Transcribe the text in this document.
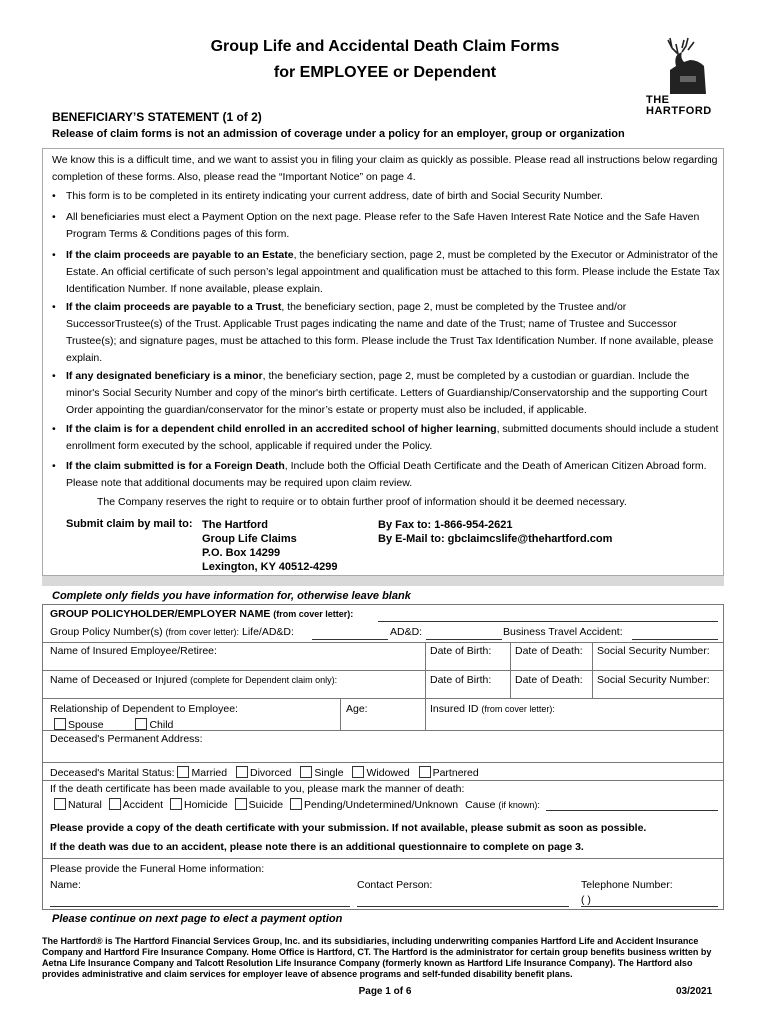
Group Life and Accidental Death Claim Forms
for EMPLOYEE or Dependent
THE
HARTFORD
BENEFICIARY’S STATEMENT (1 of 2)
Release of claim forms is not an admission of coverage under a policy for an employer, group or organization
We know this is a difficult time, and we want to assist you in filing your claim as quickly as possible. Please read all instructions below regarding completion of these forms. Also, please read the “Important Notice” on page 4.
• This form is to be completed in its entirety indicating your current address, date of birth and Social Security Number.
• All beneficiaries must elect a Payment Option on the next page. Please refer to the Safe Haven Interest Rate Notice and the Safe Haven Program Terms & Conditions pages of this form.
• If the claim proceeds are payable to an Estate, the beneficiary section, page 2, must be completed by the Executor or Administrator of the Estate. An official certificate of such person’s legal appointment and qualification must be attached to this form. Please include the Estate Tax Identification Number. If none available, please explain.
• If the claim proceeds are payable to a Trust, the beneficiary section, page 2, must be completed by the Trustee and/or SuccessorTrustee(s) of the Trust. Applicable Trust pages indicating the name and date of the Trust; name of Trustee and Successor Trustee(s); and signature pages, must be attached to this form. Please include the Trust Tax Identification Number. If none available, please explain.
• If any designated beneficiary is a minor, the beneficiary section, page 2, must be completed by a custodian or guardian. Include the minor's Social Security Number and copy of the minor's birth certificate. Letters of Guardianship/Conservatorship and the supporting Court Order appointing the guardian/conservator for the minor’s estate or property must also be included, if applicable.
• If the claim is for a dependent child enrolled in an accredited school of higher learning, submitted documents should include a student enrollment form executed by the school, applicable if required under the Policy.
• If the claim submitted is for a Foreign Death, Include both the Official Death Certificate and the Death of American Citizen Abroad form. Please note that additional documents may be required upon claim review.
The Company reserves the right to require or to obtain further proof of information should it be deemed necessary.
Submit claim by mail to: The Hartford
Group Life Claims
P.O. Box 14299
Lexington, KY 40512-4299
By Fax to: 1-866-954-2621
By E-Mail to: gbclaimcslife@thehartford.com
Complete only fields you have information for, otherwise leave blank
GROUP POLICYHOLDER/EMPLOYER NAME (from cover letter):
Group Policy Number(s) (from cover letter): Life/AD&D:	AD&D:	Business Travel Accident:
Name of Insured Employee/Retiree:	Date of Birth: Date of Death: Social Security Number:
Name of Deceased or Injured (complete for Dependent claim only):	Date of Birth: Date of Death: Social Security Number:
Relationship of Dependent to Employee:
Spouse	Child
Age:	Insured ID (from cover letter):
Deceased's Permanent Address:
Deceased's Marital Status: Married Divorced Single Widowed Partnered
If the death certificate has been made available to you, please mark the manner of death:
Natural Accident Homicide Suicide Pending/Undetermined/Unknown Cause (if known):
Please provide a copy of the death certificate with your submission. If not available, please submit as soon as possible.
If the death was due to an accident, please note there is an additional questionnaire to complete on page 3.
Please provide the Funeral Home information:
Name:	Contact Person:	Telephone Number:
( )
Please continue on next page to elect a payment option
The Hartford® is The Hartford Financial Services Group, Inc. and its subsidiaries, including underwriting companies Hartford Life and Accident Insurance Company and Hartford Fire Insurance Company. Home Office is Hartford, CT. The Hartford is the administrator for certain group benefits business written by Aetna Life Insurance Company and Talcott Resolution Life Insurance Company (formerly known as Hartford Life Insurance Company). The Hartford also provides administrative and claim services for employer leave of absence programs and self-funded disability benefit plans.
Page 1 of 6	03/2021
